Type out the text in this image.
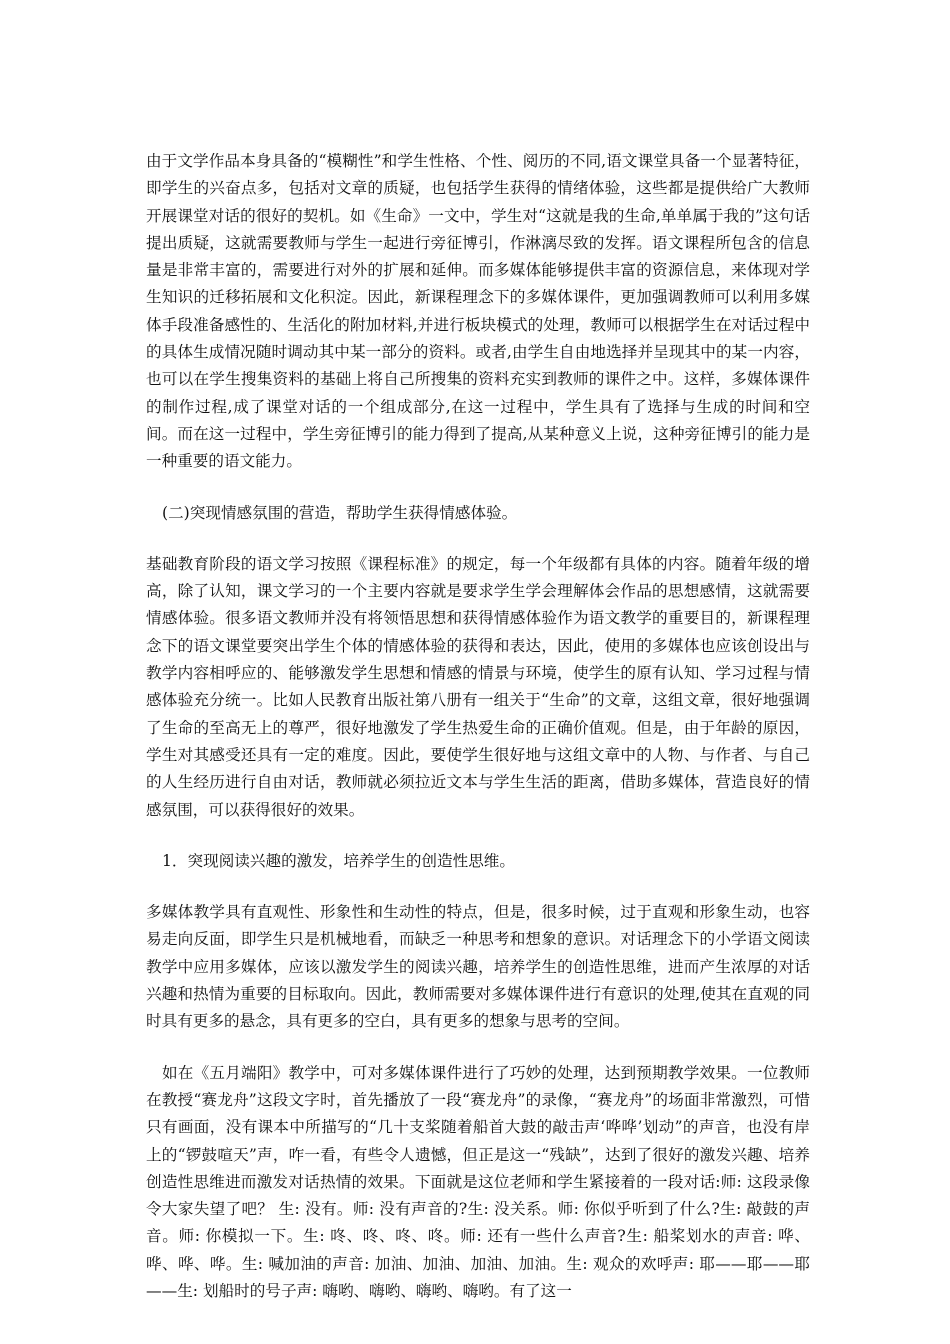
由于文学作品本身具备的“模糊性”和学生性格、个性、阅历的不同,语文课堂具备一个显著特征，即学生的兴奋点多，包括对文章的质疑，也包括学生获得的情绪体验，这些都是提供给广大教师开展课堂对话的很好的契机。如《生命》一文中，学生对“这就是我的生命,单单属于我的”这句话提出质疑，这就需要教师与学生一起进行旁征博引，作淋漓尽致的发挥。语文课程所包含的信息量是非常丰富的，需要进行对外的扩展和延伸。而多媒体能够提供丰富的资源信息，来体现对学生知识的迁移拓展和文化积淀。因此，新课程理念下的多媒体课件，更加强调教师可以利用多媒体手段准备感性的、生活化的附加材料,并进行板块模式的处理，教师可以根据学生在对话过程中的具体生成情况随时调动其中某一部分的资料。或者,由学生自由地选择并呈现其中的某一内容，也可以在学生搜集资料的基础上将自己所搜集的资料充实到教师的课件之中。这样，多媒体课件的制作过程,成了课堂对话的一个组成部分,在这一过程中，学生具有了选择与生成的时间和空间。而在这一过程中，学生旁征博引的能力得到了提高,从某种意义上说，这种旁征博引的能力是一种重要的语文能力。

(二)突现情感氛围的营造，帮助学生获得情感体验。

基础教育阶段的语文学习按照《课程标准》的规定，每一个年级都有具体的内容。随着年级的增高，除了认知，课文学习的一个主要内容就是要求学生学会理解体会作品的思想感情，这就需要情感体验。很多语文教师并没有将领悟思想和获得情感体验作为语文教学的重要目的，新课程理念下的语文课堂要突出学生个体的情感体验的获得和表达，因此，使用的多媒体也应该创设出与教学内容相呼应的、能够激发学生思想和情感的情景与环境，使学生的原有认知、学习过程与情感体验充分统一。比如人民教育出版社第八册有一组关于“生命”的文章，这组文章，很好地强调了生命的至高无上的尊严，很好地激发了学生热爱生命的正确价值观。但是，由于年龄的原因，学生对其感受还具有一定的难度。因此，要使学生很好地与这组文章中的人物、与作者、与自己的人生经历进行自由对话，教师就必须拉近文本与学生生活的距离，借助多媒体，营造良好的情感氛围，可以获得很好的效果。

1．突现阅读兴趣的激发，培养学生的创造性思维。

多媒体教学具有直观性、形象性和生动性的特点，但是，很多时候，过于直观和形象生动，也容易走向反面，即学生只是机械地看，而缺乏一种思考和想象的意识。对话理念下的小学语文阅读教学中应用多媒体，应该以激发学生的阅读兴趣，培养学生的创造性思维，进而产生浓厚的对话兴趣和热情为重要的目标取向。因此，教师需要对多媒体课件进行有意识的处理,使其在直观的同时具有更多的悬念，具有更多的空白，具有更多的想象与思考的空间。

如在《五月端阳》教学中，可对多媒体课件进行了巧妙的处理，达到预期教学效果。一位教师在教授“赛龙舟”这段文字时，首先播放了一段“赛龙舟”的录像，“赛龙舟”的场面非常激烈，可惜只有画面，没有课本中所描写的“几十支桨随着船首大鼓的敲击声‘哗哗’划动”的声音，也没有岸上的“锣鼓喧天”声，咋一看，有些令人遗憾，但正是这一“残缺”，达到了很好的激发兴趣、培养创造性思维进而激发对话热情的效果。下面就是这位老师和学生紧接着的一段对话:师: 这段录像令大家失望了吧？ 生: 没有。师: 没有声音的?生: 没关系。师: 你似乎听到了什么?生: 敲鼓的声音。师: 你模拟一下。生: 咚、咚、咚、咚。师: 还有一些什么声音?生: 船桨划水的声音: 哗、哗、哗、哗。生: 喊加油的声音: 加油、加油、加油、加油。生: 观众的欢呼声: 耶——耶——耶——生: 划船时的号子声: 嗨哟、嗨哟、嗨哟、嗨哟。有了这一
